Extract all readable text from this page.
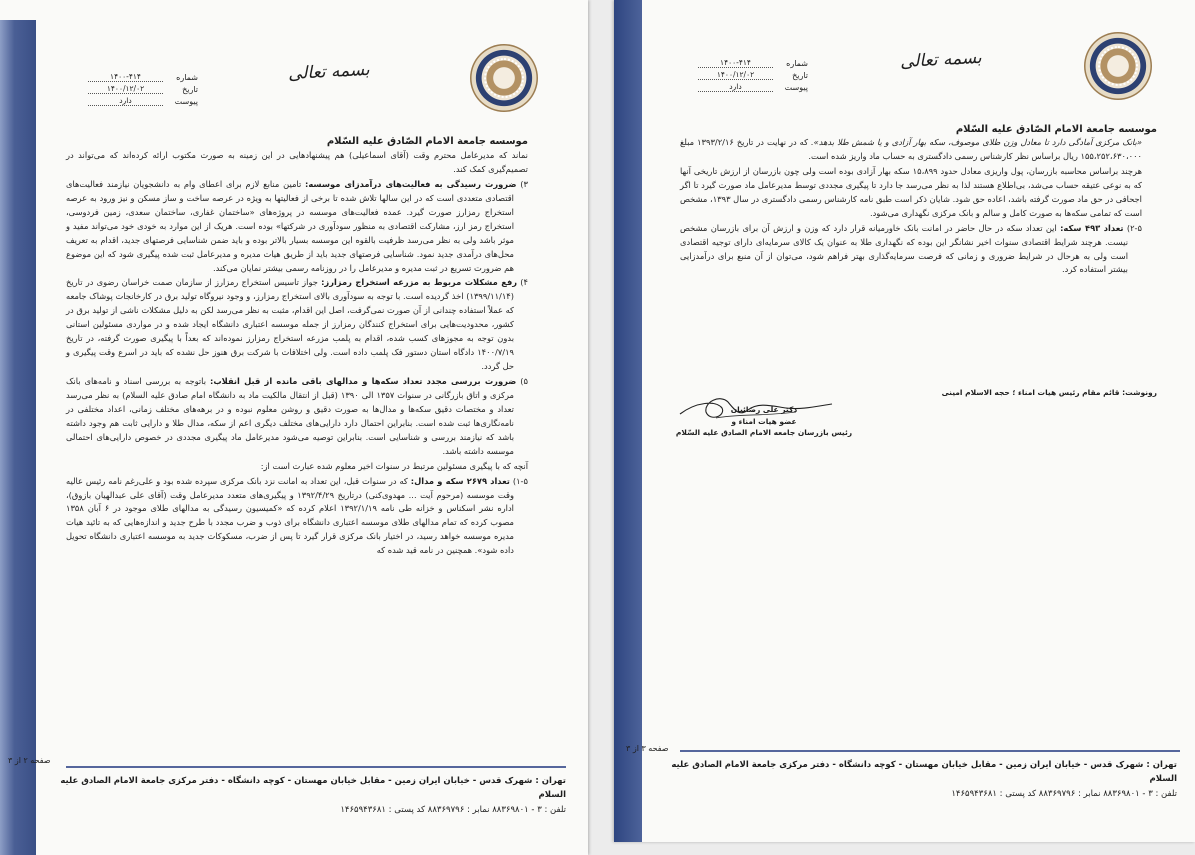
صفحه ۲ از ۳
بسمه تعالی
شماره
۱۴۰۰-۴۱۴
تاریخ
۱۴۰۰/۱۲/۰۲
پیوست
دارد
موسسه جامعة الامام الصّادق علیه السّلام

نماند که مدیرعامل محترم وقت (آقای اسماعیلی) هم پیشنهادهایی در این زمینه به صورت مکتوب ارائه کرده‌اند که می‌تواند در تصمیم‌گیری کمک کند.

۳) ضرورت رسیدگی به فعالیت‌های درآمدزای موسسه: تامین منابع لازم برای اعطای وام به دانشجویان نیازمند فعالیت‌های اقتصادی متعددی است که در این سالها تلاش شده تا برخی از فعالیتها به ویژه در عرصه ساخت و ساز مسکن و نیز ورود به عرصه استخراج رمزارز صورت گیرد. عمده فعالیت‌های موسسه در پروژه‌های «ساختمان غفاری، ساختمان سعدی، زمین فردوسی، استخراج رمز ارز، مشارکت اقتصادی به منظور سودآوری در شرکتها» بوده است. هریک از این موارد به خودی خود می‌تواند مفید و موثر باشد ولی به نظر می‌رسد ظرفیت بالقوه این موسسه بسیار بالاتر بوده و باید ضمن شناسایی فرصتهای جدید، اقدام به تعریف محل‌های درآمدی جدید نمود. شناسایی فرصتهای جدید باید از طریق هیات مدیره و مدیرعامل ثبت شده پیگیری شود که این موضوع هم ضرورت تسریع در ثبت مدیره و مدیرعامل را در روزنامه رسمی بیشتر نمایان می‌کند.

۴) رفع مشکلات مربوط به مزرعه استخراج رمزارز: جواز تاسیس استخراج رمزارز از سازمان صمت خراسان رضوی در تاریخ (۱۳۹۹/۱۱/۱۴) اخذ گردیده است. با توجه به سودآوری بالای استخراج رمزارز، و وجود نیروگاه تولید برق در کارخانجات پوشاک جامعه که عملاً استفاده چندانی از آن صورت نمی‌گرفت، اصل این اقدام، مثبت به نظر می‌رسد لکن به دلیل مشکلات ناشی از تولید برق در کشور، محدودیت‌هایی برای استخراج کنندگان رمزارز از جمله موسسه اعتباری دانشگاه ایجاد شده و در مواردی مسئولین استانی بدون توجه به مجوزهای کسب شده، اقدام به پلمب مزرعه استخراج رمزارز نموده‌اند که بعداً با پیگیری صورت گرفته، در تاریخ ۱۴۰۰/۷/۱۹ دادگاه استان دستور فک پلمب داده است. ولی اختلافات با شرکت برق هنوز حل نشده که باید در اسرع وقت پیگیری و حل گردد.

۵) ضرورت بررسی مجدد تعداد سکه‌ها و مدالهای باقی مانده از قبل انقلاب: باتوجه به بررسی اسناد و نامه‌های بانک مرکزی و اتاق بازرگانی در سنوات ۱۳۵۷ الی ۱۳۹۰ (قبل از انتقال مالکیت ماد به دانشگاه امام صادق علیه السلام) به نظر می‌رسد تعداد و مختصات دقیق سکه‌ها و مدال‌ها به صورت دقیق و روشن معلوم نبوده و در برهه‌های مختلف زمانی، اعداد مختلفی در نامه‌نگاری‌ها ثبت شده است. بنابراین احتمال دارد دارایی‌های مختلف دیگری اعم از سکه، مدال طلا و دارایی ثابت هم وجود داشته باشد که نیازمند بررسی و شناسایی است. بنابراین توصیه می‌شود مدیرعامل ماد پیگیری مجددی در خصوص دارایی‌های احتمالی موسسه داشته باشد.

آنچه که با پیگیری مسئولین مرتبط در سنوات اخیر معلوم شده عبارت است از:

۱-۵) تعداد ۲۶۷۹ سکه و مدال: که در سنوات قبل، این تعداد به امانت نزد بانک مرکزی سپرده شده بود و علی‌رغم نامه رئیس عالیه وقت موسسه (مرحوم آیت ... مهدوی‌کنی) درتاریخ ۱۳۹۲/۴/۲۹ و پیگیری‌های متعدد مدیرعامل وقت (آقای علی عبدالهیان بازوق)، اداره نشر اسکناس و خزانه طی نامه ۱۳۹۲/۱/۱۹ اعلام کرده که «کمیسیون رسیدگی به مدالهای طلای موجود در ۶ آبان ۱۳۵۸ مصوب کرده که تمام مدالهای طلای موسسه اعتباری دانشگاه برای ذوب و ضرب مجدد با طرح جدید و اندازه‌هایی که به تائید هیات مدیره موسسه خواهد رسید، در اختیار بانک مرکزی قرار گیرد تا پس از ضرب، مسکوکات جدید به موسسه اعتباری دانشگاه تحویل داده شود». همچنین در نامه قید شده که

تهران : شهرک قدس - خیابان ایران زمین - مقابل خیابان مهستان - کوچه دانشگاه - دفتر مرکزی جامعة الامام الصادق علیه السلام
تلفن : ۳ - ۸۸۳۶۹۸۰۱ نمابر : ۸۸۳۶۹۷۹۶ کد پستی : ۱۴۶۵۹۴۳۶۸۱
صفحه ۳ از ۳
بسمه تعالی
شماره
۱۴۰۰-۴۱۴
تاریخ
۱۴۰۰/۱۲/۰۲
پیوست
دارد
موسسه جامعة الامام الصّادق علیه السّلام

«بانک مرکزی آمادگی دارد تا معادل وزن طلای موصوف، سکه بهار آزادی و یا شمش طلا بدهد». که در نهایت در تاریخ ۱۳۹۳/۲/۱۶ مبلغ ۱۵۵،۲۵۲،۶۳۰،۰۰۰ ریال براساس نظر کارشناس رسمی دادگستری به حساب ماد واریز شده است.

هرچند براساس محاسبه بازرسان، پول واریزی معادل حدود ۱۵،۸۹۹ سکه بهار آزادی بوده است ولی چون بازرسان از ارزش تاریخی آنها که به نوعی عتیقه حساب می‌شد، بی‌اطلاع هستند لذا به نظر می‌رسد جا دارد تا پیگیری مجددی توسط مدیرعامل ماد صورت گیرد تا اگر اجحافی در حق ماد صورت گرفته باشد، اعاده حق شود. شایان ذکر است طبق نامه کارشناس رسمی دادگستری در سال ۱۳۹۳، مشخص است که تمامی سکه‌ها به صورت کامل و سالم و بانک مرکزی نگهداری می‌شود.

۲-۵) تعداد ۴۹۳ سکه: این تعداد سکه در حال حاضر در امانت بانک خاورمیانه قرار دارد که وزن و ارزش آن برای بازرسان مشخص نیست. هرچند شرایط اقتصادی سنوات اخیر نشانگر این بوده که نگهداری طلا به عنوان یک کالای سرمایه‌ای دارای توجیه اقتصادی است ولی به هرحال در شرایط ضروری و زمانی که فرصت سرمایه‌گذاری بهتر فراهم شود، می‌توان از آن منبع برای درآمدزایی بیشتر استفاده کرد.

رونوشت: قائم مقام رئیس هیات امناء ؛ حجه الاسلام امینی
دکتر علی رضائیان
عضو هیات امناء و
رئیس بازرسان جامعه الامام الصادق علیه السّلام
تهران : شهرک قدس - خیابان ایران زمین - مقابل خیابان مهستان - کوچه دانشگاه - دفتر مرکزی جامعة الامام الصادق علیه السلام
تلفن : ۳ - ۸۸۳۶۹۸۰۱ نمابر : ۸۸۳۶۹۷۹۶ کد پستی : ۱۴۶۵۹۴۳۶۸۱
